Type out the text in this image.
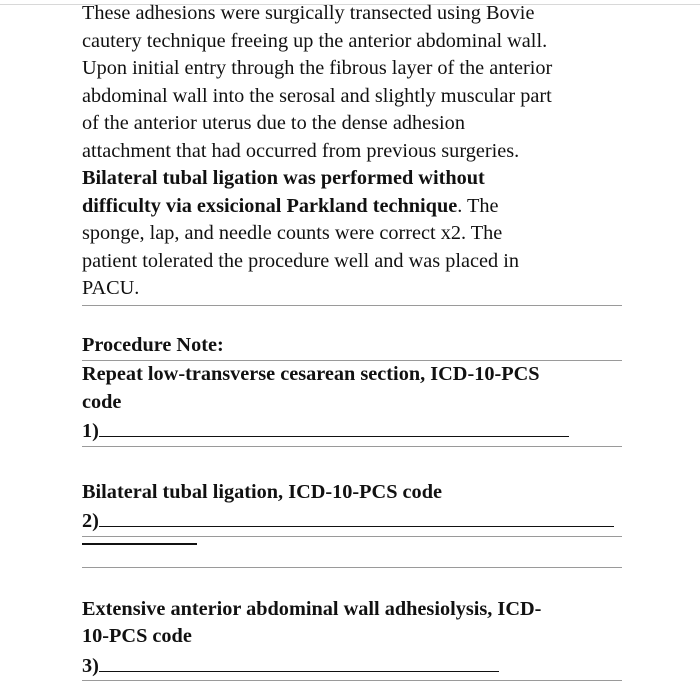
These adhesions were surgically transected using Bovie
cautery technique freeing up the anterior abdominal wall.
Upon initial entry through the fibrous layer of the anterior
abdominal wall into the serosal and slightly muscular part
of the anterior uterus due to the dense adhesion
attachment that had occurred from previous surgeries.
Bilateral tubal ligation was performed without
difficulty via exsicional Parkland technique. The
sponge, lap, and needle counts were correct x2. The
patient tolerated the procedure well and was placed in
PACU.

Procedure Note:

Repeat low-transverse cesarean section, ICD-10-PCS
code

1)

Bilateral tubal ligation, ICD-10-PCS code

2)

Extensive anterior abdominal wall adhesiolysis, ICD-
10-PCS code

3)
